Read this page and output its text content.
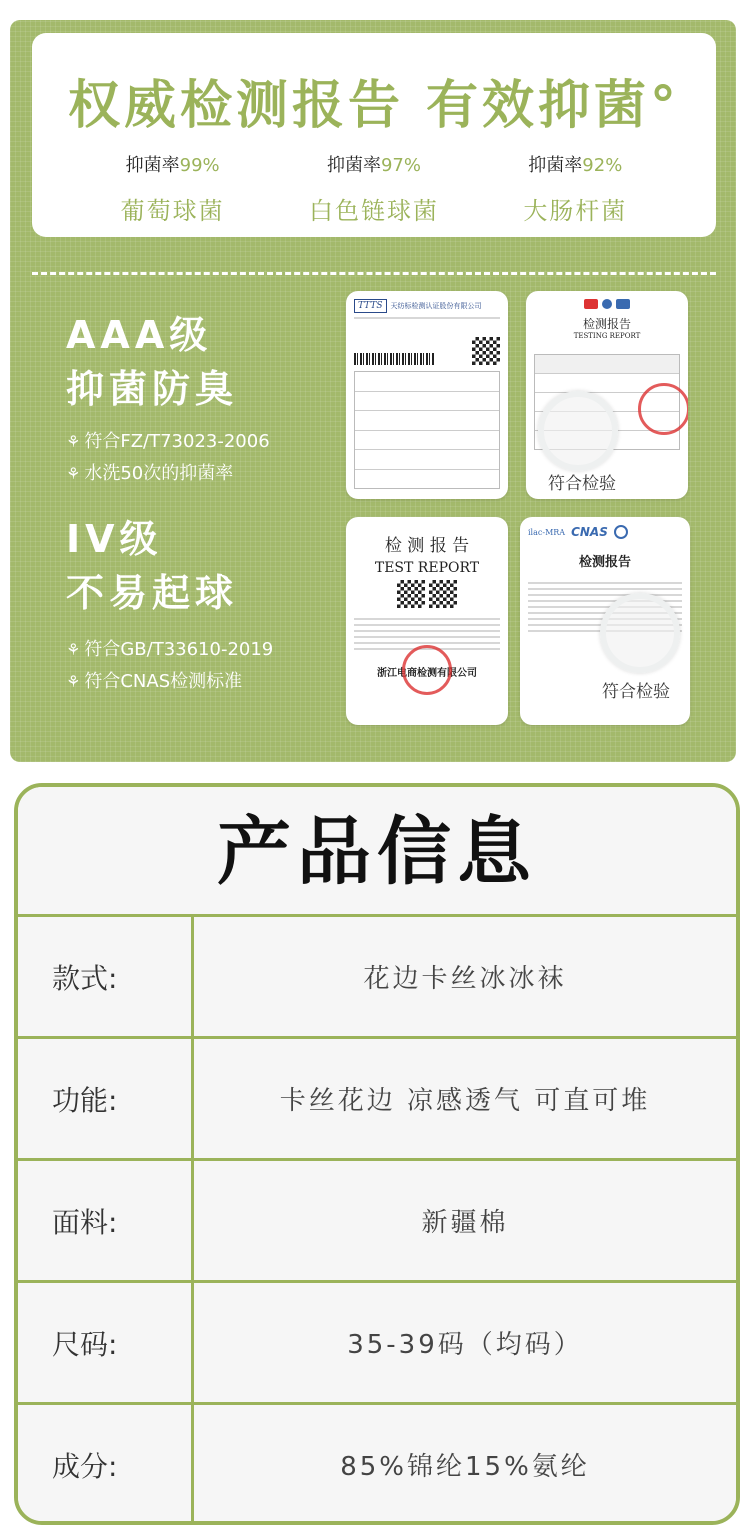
权威检测报告 有效抑菌°
抑菌率99%
葡萄球菌
抑菌率97%
白色链球菌
抑菌率92%
大肠杆菌
AAA级
抑菌防臭
⚘ 符合FZ/T73023-2006
⚘ 水洗50次的抑菌率
IV级
不易起球
⚘ 符合GB/T33610-2019
⚘ 符合CNAS检测标准
TTTS	天纺标检测认证股份有限公司
检测报告
TESTING REPORT
符合检验
检 测 报 告
TEST REPORT
浙江电商检测有限公司
ilac-MRA CNAS
检测报告
符合检验
产品信息
款式:	花边卡丝冰冰袜
功能:	卡丝花边 凉感透气 可直可堆
面料:	新疆棉
尺码:	35-39码（均码）
成分:	85%锦纶15%氨纶
